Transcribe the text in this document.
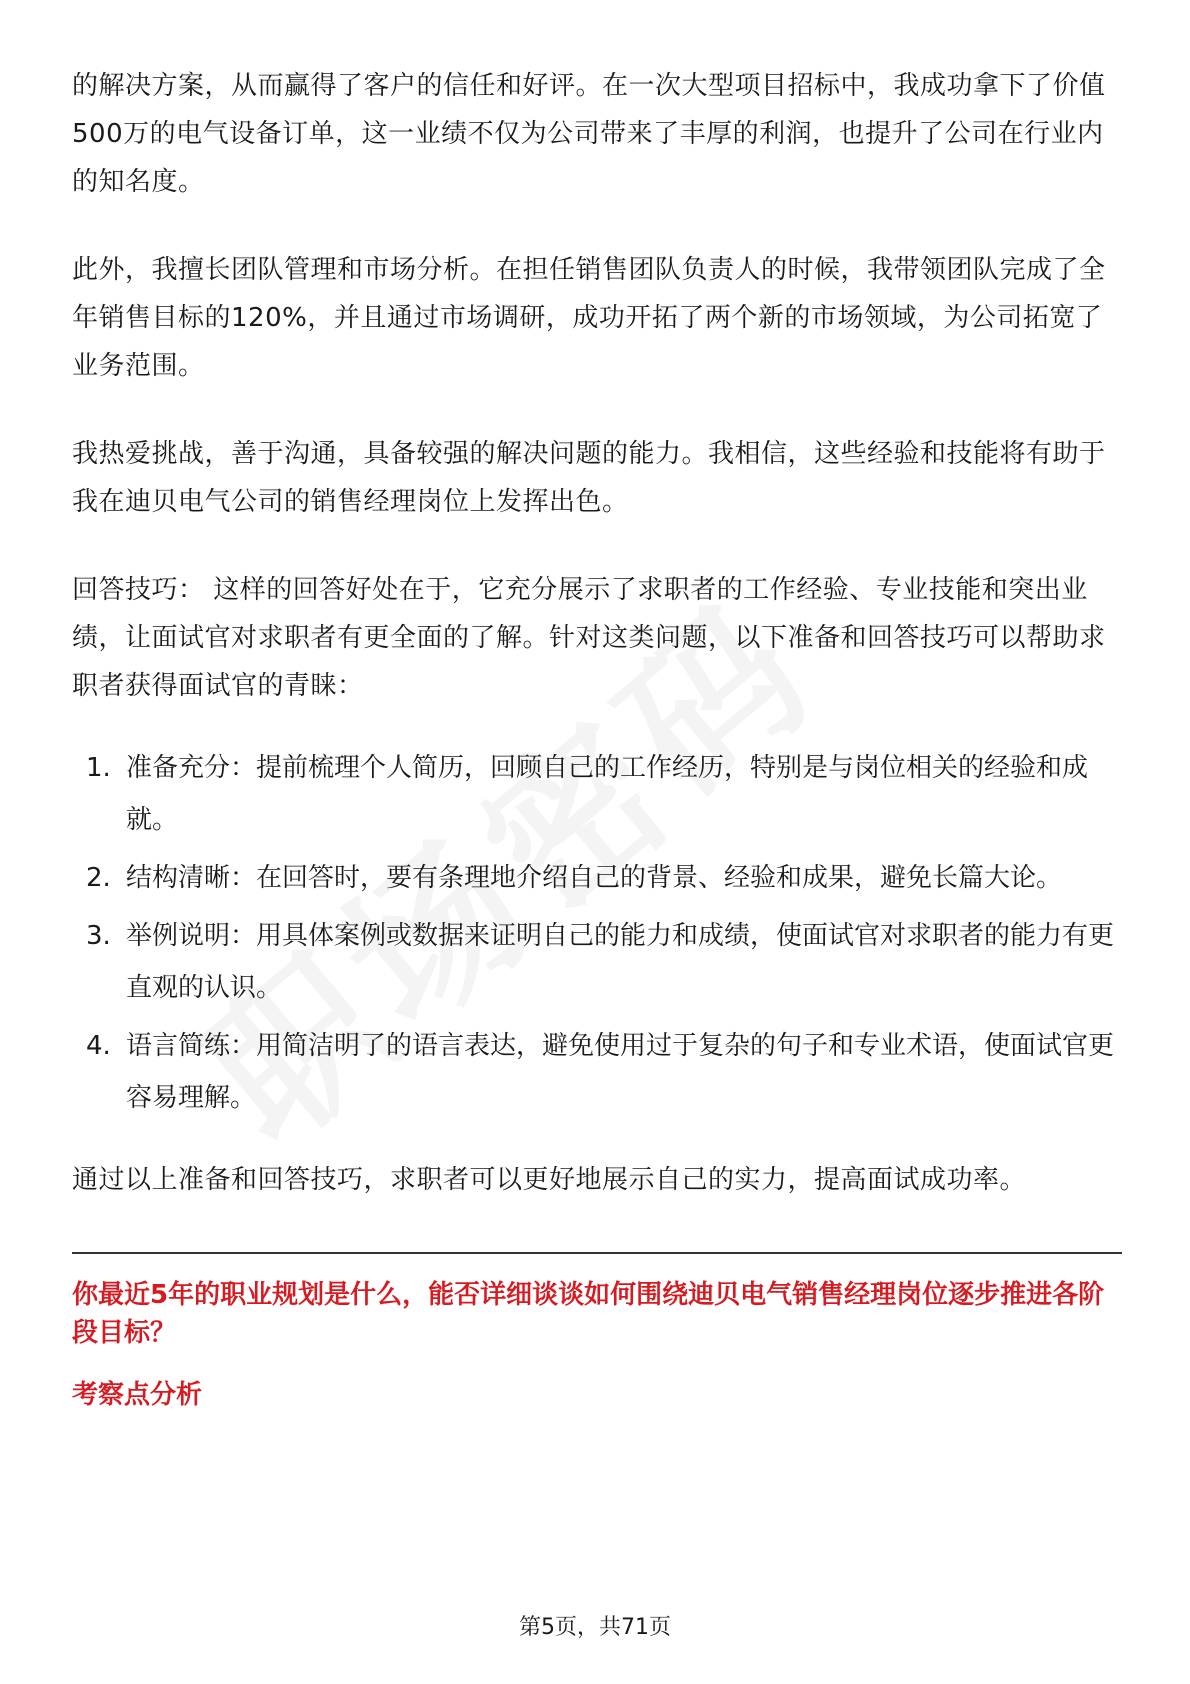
的解决方案，从而赢得了客户的信任和好评。在一次大型项目招标中，我成功拿下了价值500万的电气设备订单，这一业绩不仅为公司带来了丰厚的利润，也提升了公司在行业内的知名度。

此外，我擅长团队管理和市场分析。在担任销售团队负责人的时候，我带领团队完成了全年销售目标的120%，并且通过市场调研，成功开拓了两个新的市场领域，为公司拓宽了业务范围。

我热爱挑战，善于沟通，具备较强的解决问题的能力。我相信，这些经验和技能将有助于我在迪贝电气公司的销售经理岗位上发挥出色。

回答技巧： 这样的回答好处在于，它充分展示了求职者的工作经验、专业技能和突出业绩，让面试官对求职者有更全面的了解。针对这类问题，以下准备和回答技巧可以帮助求职者获得面试官的青睐：

1. 准备充分：提前梳理个人简历，回顾自己的工作经历，特别是与岗位相关的经验和成就。
2. 结构清晰：在回答时，要有条理地介绍自己的背景、经验和成果，避免长篇大论。
3. 举例说明：用具体案例或数据来证明自己的能力和成绩，使面试官对求职者的能力有更直观的认识。
4. 语言简练：用简洁明了的语言表达，避免使用过于复杂的句子和专业术语，使面试官更容易理解。

通过以上准备和回答技巧，求职者可以更好地展示自己的实力，提高面试成功率。

你最近5年的职业规划是什么，能否详细谈谈如何围绕迪贝电气销售经理岗位逐步推进各阶段目标？

考察点分析

第5页，共71页
